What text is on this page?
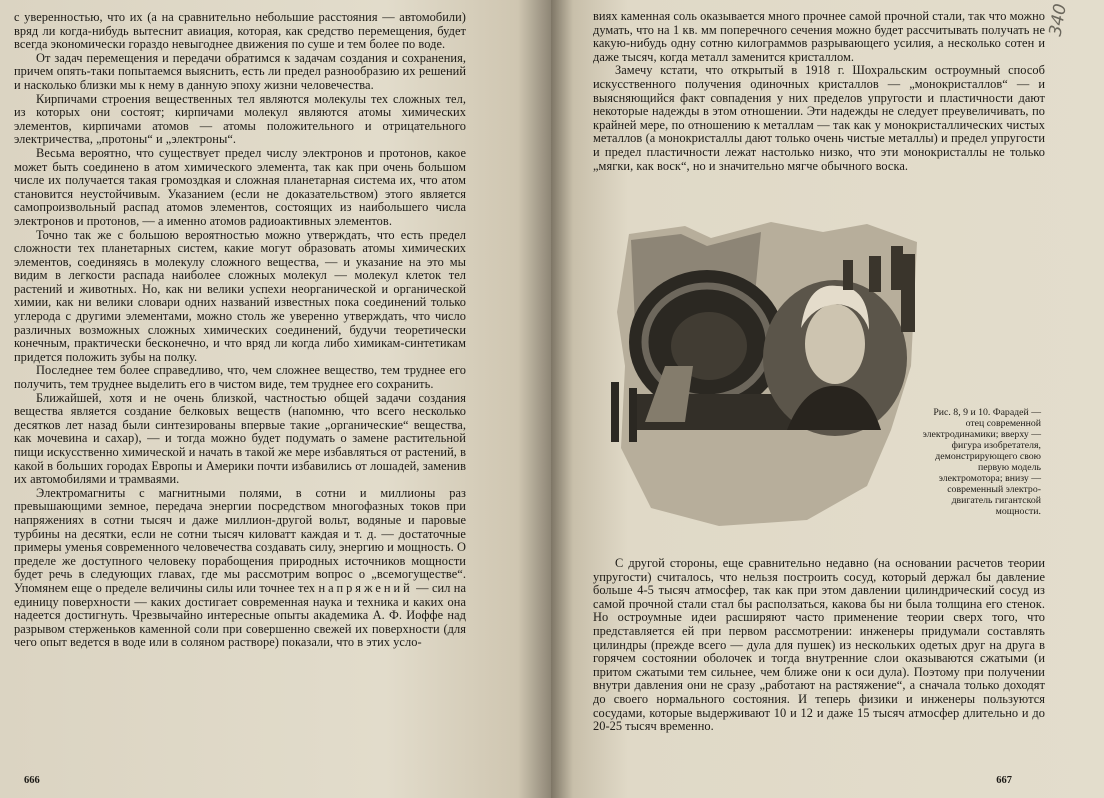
с уверенностью, что их (а на сравнительно небольшие расстояния — автомобили) вряд ли когда-нибудь вытеснит авиация, которая, как средство перемещения, будет всегда экономически гораздо невыгоднее движения по суше и тем более по воде.

От задач перемещения и передачи обратимся к задачам создания и сохранения, причем опять-таки попытаемся выяснить, есть ли предел разнообразию их решений и насколько близки мы к нему в данную эпоху жизни человечества.

Кирпичами строения вещественных тел являются молекулы тех сложных тел, из которых они состоят; кирпичами молекул являются атомы химических элементов, кирпичами атомов — атомы положительного и отрицательного электричества, „протоны“ и „электроны“.

Весьма вероятно, что существует предел числу электронов и протонов, какое может быть соединено в атом химического элемента, так как при очень большом числе их получается такая громоздкая и сложная планетарная система их, что атом становится неустойчивым. Указанием (если не доказательством) этого является самопроизвольный распад атомов элементов, состоящих из наибольшего числа электронов и протонов, — а именно атомов радиоактивных элементов.

Точно так же с большою вероятностью можно утверждать, что есть предел сложности тех планетарных систем, какие могут образовать атомы химических элементов, соединяясь в молекулу сложного вещества, — и указание на это мы видим в легкости распада наиболее сложных молекул — молекул клеток тел растений и животных. Но, как ни велики успехи неорганической и органической химии, как ни велики словари одних названий известных пока соединений только углерода с другими элементами, можно столь же уверенно утверждать, что число различных возможных сложных химических соединений, будучи теоретически конечным, практически бесконечно, и что вряд ли когда либо химикам-синтетикам придется положить зубы на полку.

Последнее тем более справедливо, что, чем сложнее вещество, тем труднее его получить, тем труднее выделить его в чистом виде, тем труднее его сохранить.

Ближайшей, хотя и не очень близкой, частностью общей задачи создания вещества является создание белковых веществ (напомню, что всего несколько десятков лет назад были синтезированы впервые такие „органические“ вещества, как мочевина и сахар), — и тогда можно будет подумать о замене растительной пищи искусственно химической и начать в такой же мере избавляться от растений, в какой в больших городах Европы и Америки почти избавились от лошадей, заменив их автомобилями и трамваями.

Электромагниты с магнитными полями, в сотни и миллионы раз превышающими земное, передача энергии посредством многофазных токов при напряжениях в сотни тысяч и даже миллион-другой вольт, водяные и паровые турбины на десятки, если не сотни тысяч киловатт каждая и т. д. — достаточные примеры уменья современного человечества создавать силу, энергию и мощность. О пределе же доступного человеку порабощения природных источников мощности будет речь в следующих главах, где мы рассмотрим вопрос о „всемогуществе“. Упомянем еще о пределе величины силы или точнее тех напряжений — сил на единицу поверхности — каких достигает современная наука и техника и каких она надеется достигнуть. Чрезвычайно интересные опыты академика А. Ф. Иоффе над разрывом стерженьков каменной соли при совершенно свежей их поверхности (для чего опыт ведется в воде или в соляном растворе) показали, что в этих усло-

666
340

виях каменная соль оказывается много прочнее самой прочной стали, так что можно думать, что на 1 кв. мм поперечного сечения можно будет рассчитывать получать не какую-нибудь одну сотню килограммов разрывающего усилия, а несколько сотен и даже тысяч, когда металл заменится кристаллом.

Замечу кстати, что открытый в 1918 г. Шохральским остроумный способ искусственного получения одиночных кристаллов — „монокристаллов“ — и выясняющийся факт совпадения у них пределов упругости и пластичности дают некоторые надежды в этом отношении. Эти надежды не следует преувеличивать, по крайней мере, по отношению к металлам — так как у монокристаллических чистых металлов (а монокристаллы дают только очень чистые металлы) и предел упругости и предел пластичности лежат настолько низко, что эти монокристаллы не только „мягки, как воск“, но и значительно мягче обычного воска.

Рис. 8, 9 и 10. Фарадей — отец современной электродинамики; вверху — фигура изобретателя, демонстрирующего свою первую модель электромотора; внизу — современный электро-двигатель гигантской мощности.

С другой стороны, еще сравнительно недавно (на основании расчетов теории упругости) считалось, что нельзя построить сосуд, который держал бы давление больше 4-5 тысяч атмосфер, так как при этом давлении цилиндрический сосуд из самой прочной стали стал бы расползаться, какова бы ни была толщина его стенок. Но остроумные идеи расширяют часто применение теории сверх того, что представляется ей при первом рассмотрении: инженеры придумали составлять цилиндры (прежде всего — дула для пушек) из нескольких одетых друг на друга в горячем состоянии оболочек и тогда внутренние слои оказываются сжатыми (и притом сжатыми тем сильнее, чем ближе они к оси дула). Поэтому при получении внутри давления они не сразу „работают на растяжение“, а сначала только доходят до своего нормального состояния. И теперь физики и инженеры пользуются сосудами, которые выдерживают 10 и 12 и даже 15 тысяч атмосфер длительно и до 20-25 тысяч временно.

667
